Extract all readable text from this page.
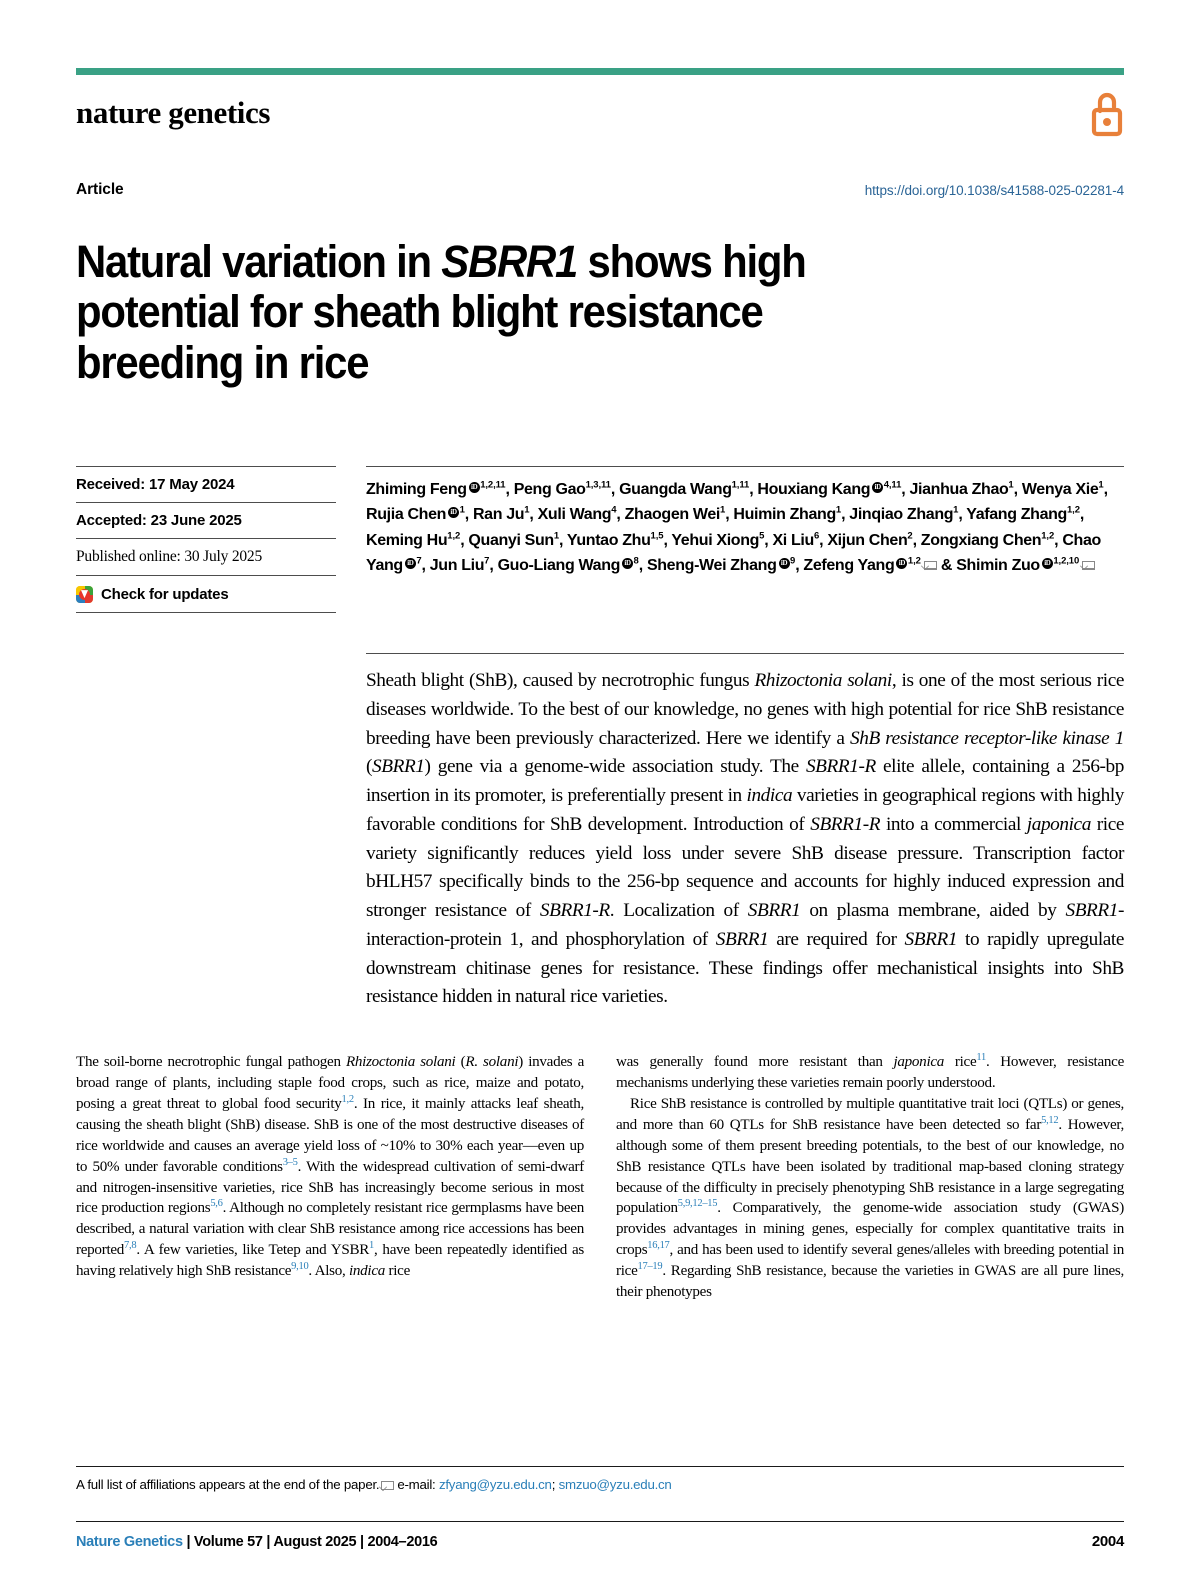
nature genetics
Article	https://doi.org/10.1038/s41588-025-02281-4
Natural variation in SBRR1 shows high potential for sheath blight resistance breeding in rice
Received: 17 May 2024
Accepted: 23 June 2025
Published online: 30 July 2025
Check for updates
Zhiming Feng iD $^{1,2,11}$, Peng Gao$^{1,3,11}$, Guangda Wang$^{1,11}$, Houxiang Kang iD $^{4,11}$, Jianhua Zhao$^1$, Wenya Xie$^1$, Rujia Chen iD $^1$, Ran Ju$^1$, Xuli Wang$^4$, Zhaogen Wei$^1$, Huimin Zhang$^1$, Jinqiao Zhang$^1$, Yafang Zhang$^{1,2}$, Keming Hu$^{1,2}$, Quanyi Sun$^1$, Yuntao Zhu$^{1,5}$, Yehui Xiong$^5$, Xi Liu$^6$, Xijun Chen$^2$, Zongxiang Chen$^{1,2}$, Chao Yang iD $^7$, Jun Liu$^7$, Guo-Liang Wang iD $^8$, Sheng-Wei Zhang iD $^9$, Zefeng Yang iD $^{1,2}$ & Shimin Zuo iD $^{1,2,10}$
Sheath blight (ShB), caused by necrotrophic fungus Rhizoctonia solani, is one of the most serious rice diseases worldwide. To the best of our knowledge, no genes with high potential for rice ShB resistance breeding have been previously characterized. Here we identify a ShB resistance receptor-like kinase 1 (SBRR1) gene via a genome-wide association study. The SBRR1-R elite allele, containing a 256-bp insertion in its promoter, is preferentially present in indica varieties in geographical regions with highly favorable conditions for ShB development. Introduction of SBRR1-R into a commercial japonica rice variety significantly reduces yield loss under severe ShB disease pressure. Transcription factor bHLH57 specifically binds to the 256-bp sequence and accounts for highly induced expression and stronger resistance of SBRR1-R. Localization of SBRR1 on plasma membrane, aided by SBRR1-interaction-protein 1, and phosphorylation of SBRR1 are required for SBRR1 to rapidly upregulate downstream chitinase genes for resistance. These findings offer mechanistical insights into ShB resistance hidden in natural rice varieties.

The soil-borne necrotrophic fungal pathogen Rhizoctonia solani (R. solani) invades a broad range of plants, including staple food crops, such as rice, maize and potato, posing a great threat to global food security$^{1,2}$. In rice, it mainly attacks leaf sheath, causing the sheath blight (ShB) disease. ShB is one of the most destructive diseases of rice worldwide and causes an average yield loss of ~10% to 30% each year—even up to 50% under favorable conditions$^{3-5}$. With the widespread cultivation of semi-dwarf and nitrogen-insensitive varieties, rice ShB has increasingly become serious in most rice production regions$^{5,6}$. Although no completely resistant rice germplasms have been described, a natural variation with clear ShB resistance among rice accessions has been reported$^{7,8}$. A few varieties, like Tetep and YSBR$^1$, have been repeatedly identified as having relatively high ShB resistance$^{9,10}$. Also, indica rice

was generally found more resistant than japonica rice$^{11}$. However, resistance mechanisms underlying these varieties remain poorly understood.

Rice ShB resistance is controlled by multiple quantitative trait loci (QTLs) or genes, and more than 60 QTLs for ShB resistance have been detected so far$^{5,12}$. However, although some of them present breeding potentials, to the best of our knowledge, no ShB resistance QTLs have been isolated by traditional map-based cloning strategy because of the difficulty in precisely phenotyping ShB resistance in a large segregating population$^{5,9,12-15}$. Comparatively, the genome-wide association study (GWAS) provides advantages in mining genes, especially for complex quantitative traits in crops$^{16,17}$, and has been used to identify several genes/alleles with breeding potential in rice$^{17-19}$. Regarding ShB resistance, because the varieties in GWAS are all pure lines, their phenotypes

A full list of affiliations appears at the end of the paper. e-mail: zfyang@yzu.edu.cn; smzuo@yzu.edu.cn
Nature Genetics | Volume 57 | August 2025 | 2004–2016	2004
